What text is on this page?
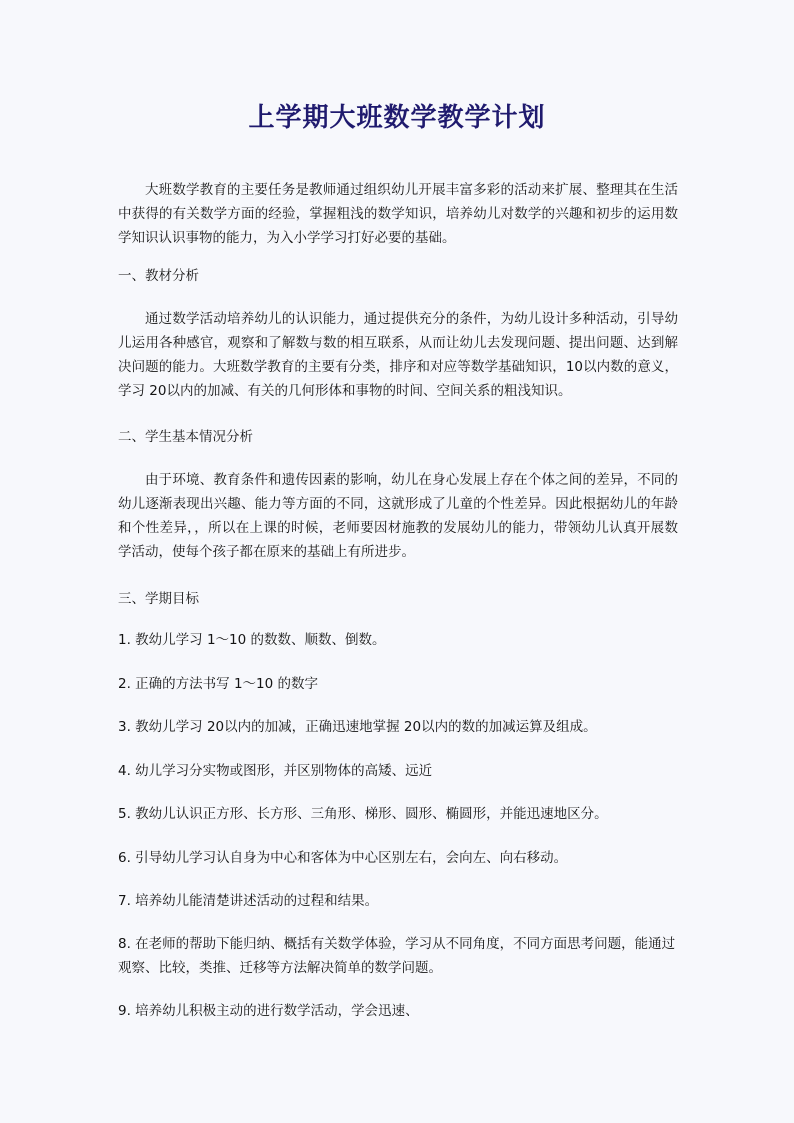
上学期大班数学教学计划
大班数学教育的主要任务是教师通过组织幼儿开展丰富多彩的活动来扩展、整理其在生活中获得的有关数学方面的经验，掌握粗浅的数学知识，培养幼儿对数学的兴趣和初步的运用数学知识认识事物的能力，为入小学学习打好必要的基础。
一、教材分析
通过数学活动培养幼儿的认识能力，通过提供充分的条件，为幼儿设计多种活动，引导幼儿运用各种感官，观察和了解数与数的相互联系，从而让幼儿去发现问题、提出问题、达到解决问题的能力。大班数学教育的主要有分类，排序和对应等数学基础知识，10以内数的意义，学习 20以内的加减、有关的几何形体和事物的时间、空间关系的粗浅知识。
二、学生基本情况分析
由于环境、教育条件和遗传因素的影响，幼儿在身心发展上存在个体之间的差异，不同的幼儿逐渐表现出兴趣、能力等方面的不同，这就形成了儿童的个性差异。因此根据幼儿的年龄和个性差异，，所以在上课的时候，老师要因材施教的发展幼儿的能力，带领幼儿认真开展数学活动，使每个孩子都在原来的基础上有所进步。
三、学期目标
1. 教幼儿学习 1～10 的数数、顺数、倒数。
2. 正确的方法书写 1～10 的数字
3. 教幼儿学习 20以内的加减，正确迅速地掌握 20以内的数的加减运算及组成。
4. 幼儿学习分实物或图形，并区别物体的高矮、远近
5. 教幼儿认识正方形、长方形、三角形、梯形、圆形、椭圆形，并能迅速地区分。
6. 引导幼儿学习认自身为中心和客体为中心区别左右，会向左、向右移动。
7. 培养幼儿能清楚讲述活动的过程和结果。
8. 在老师的帮助下能归纳、概括有关数学体验，学习从不同角度，不同方面思考问题，能通过观察、比较，类推、迁移等方法解决简单的数学问题。
9. 培养幼儿积极主动的进行数学活动，学会迅速、
